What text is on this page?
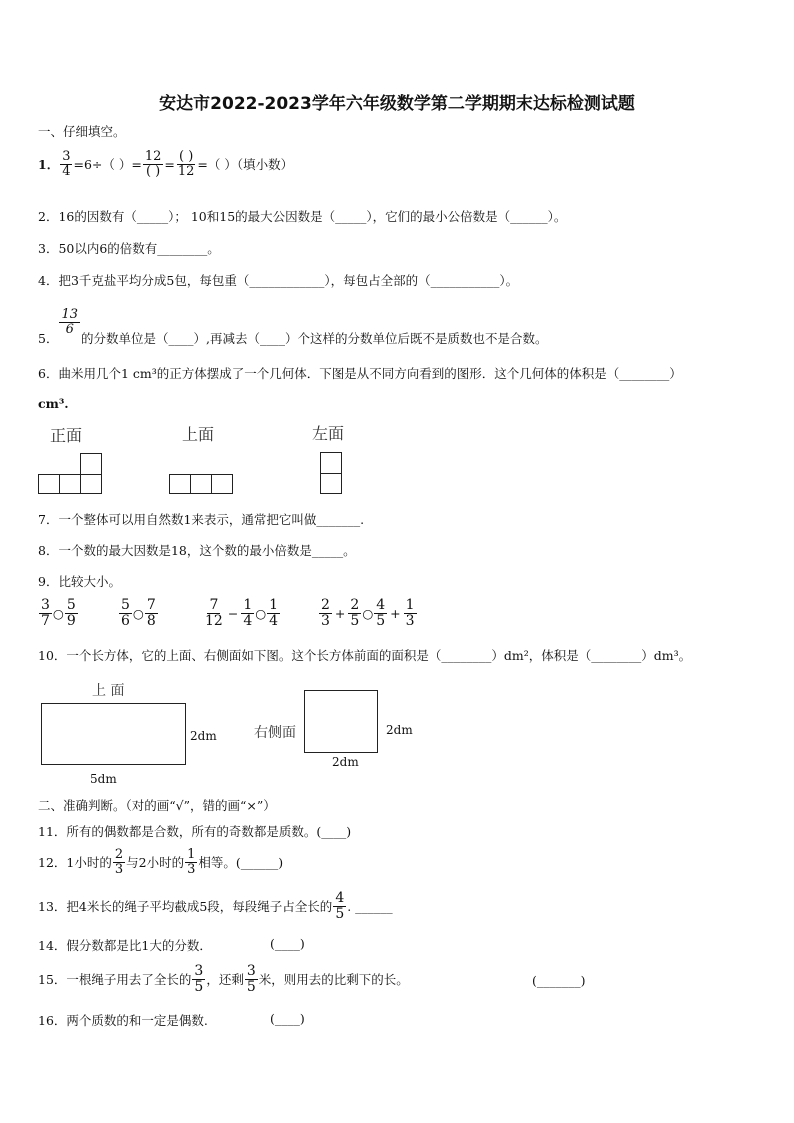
安达市2022-2023学年六年级数学第二学期期末达标检测试题
一、仔细填空。
1． $\frac{3}{4} =6\div$（ ）= $\frac{12}{( )} = \frac{( )}{12}$ =（ ）（填小数）
2．16的因数有（_____）； 10和15的最大公因数是（_____），它们的最小公倍数是（______）。
3．50以内6的倍数有________。
4．把3千克盐平均分成5包，每包重（____________），每包占全部的（___________）。
5．
$\frac{13}{6}$
的分数单位是（____）,再减去（____）个这样的分数单位后既不是质数也不是合数。
6．曲米用几个1 cm³的正方体摆成了一个几何体．下图是从不同方向看到的图形．这个几何体的体积是（________）
cm³.
正面	上面	左面
7．一个整体可以用自然数1来表示，通常把它叫做_______.
8．一个数的最大因数是18，这个数的最小倍数是_____。
9．比较大小。
$\frac{3}{7}$ ○ $\frac{5}{9}$	$\frac{5}{6}$ ○ $\frac{7}{8}$	$\frac{7}{12} - \frac{1}{4}$ ○ $\frac{1}{4}$	$\frac{2}{3} + \frac{2}{5}$ ○ $\frac{4}{5} + \frac{1}{3}$
10．一个长方体，它的上面、右侧面如下图。这个长方体前面的面积是（________）dm²，体积是（________）dm³。
上 面
2dm
5dm
右侧面	2dm
2dm
二、准确判断。（对的画“√”，错的画“×”）
11．所有的偶数都是合数，所有的奇数都是质数。(____)
12．1小时的 $\frac{2}{3}$ 与2小时的 $\frac{1}{3}$ 相等。(______)
13．把4米长的绳子平均截成5段，每段绳子占全长的 $\frac{4}{5}$ . ______
14．假分数都是比1大的分数．	(____)
15．一根绳子用去了全长的 $\frac{3}{5}$ ，还剩 $\frac{3}{5}$ 米，则用去的比剩下的长。	(_______)
16．两个质数的和一定是偶数.	(____)
